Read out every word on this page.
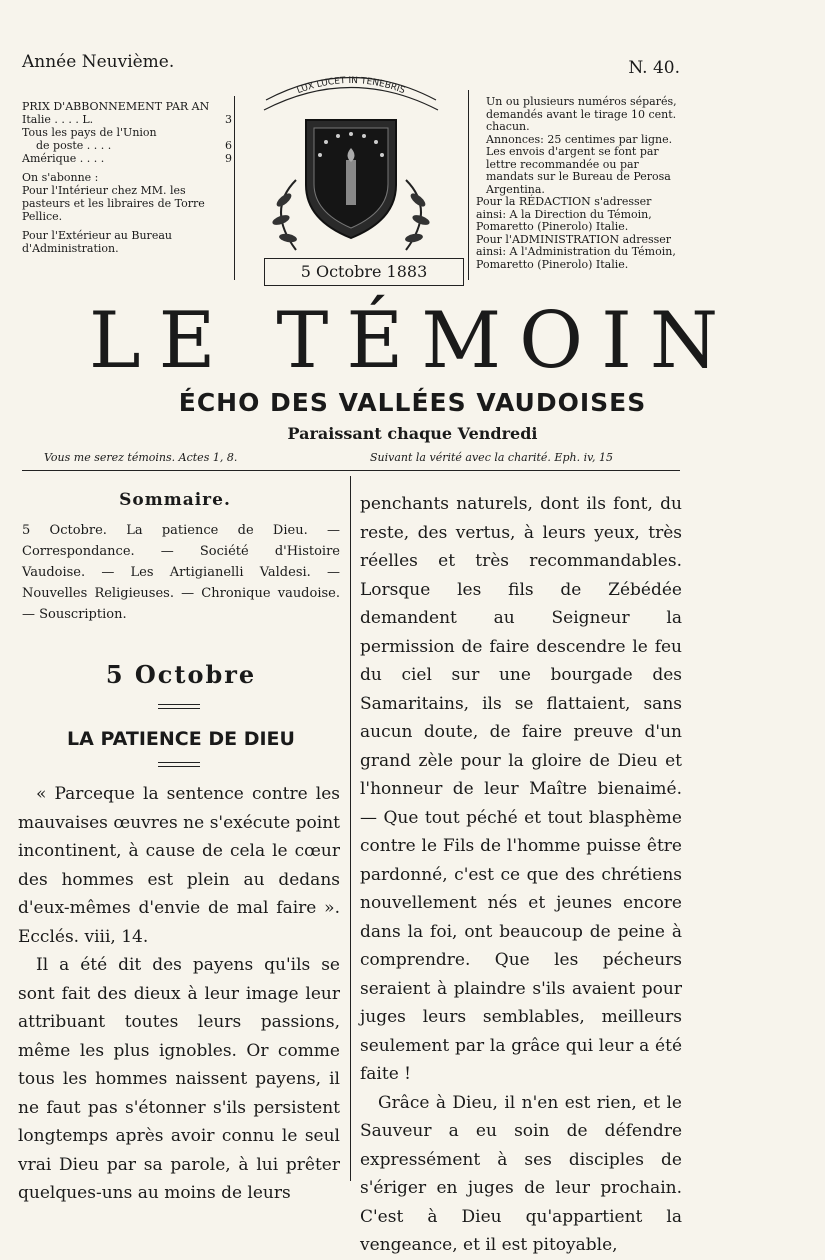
Année Neuvième.	N. 40.
PRIX D'ABBONNEMENT PAR AN
Italie . . . . L.	3
Tous les pays de l'Union
de poste . . . .	6
Amérique . . . .	9
On s'abonne :
Pour l'Intérieur chez MM. les pasteurs et les libraires de Torre Pellice.
Pour l'Extérieur au Bureau d'Administration.
LUX LUCET IN TENEBRIS
5 Octobre 1883

Un ou plusieurs numéros séparés, demandés avant le tirage 10 cent. chacun.

Annonces: 25 centimes par ligne.

Les envois d'argent se font par lettre recommandée ou par mandats sur le Bureau de Perosa Argentina.

Pour la RÉDACTION s'adresser ainsi: A la Direction du Témoin, Pomaretto (Pinerolo) Italie.

Pour l'ADMINISTRATION adresser ainsi: A l'Administration du Témoin, Pomaretto (Pinerolo) Italie.

LE TÉMOIN
ÉCHO DES VALLÉES VAUDOISES
Paraissant chaque Vendredi
Vous me serez témoins. Actes 1, 8.	Suivant la vérité avec la charité. Eph. iv, 15
Sommaire.
5 Octobre. La patience de Dieu. — Correspondance. — Société d'Histoire Vaudoise. — Les Artigianelli Valdesi. — Nouvelles Religieuses. — Chronique vaudoise. — Souscription.
5 Octobre
LA PATIENCE DE DIEU

« Parceque la sentence contre les mauvaises œuvres ne s'exécute point incontinent, à cause de cela le cœur des hommes est plein au dedans d'eux-mêmes d'envie de mal faire ». Ecclés. viii, 14.

Il a été dit des payens qu'ils se sont fait des dieux à leur image leur attribuant toutes leurs passions, même les plus ignobles. Or comme tous les hommes naissent payens, il ne faut pas s'étonner s'ils persistent longtemps après avoir connu le seul vrai Dieu par sa parole, à lui prêter quelques-uns au moins de leurs

penchants naturels, dont ils font, du reste, des vertus, à leurs yeux, très réelles et très recommandables. Lorsque les fils de Zébédée demandent au Seigneur la permission de faire descendre le feu du ciel sur une bourgade des Samaritains, ils se flattaient, sans aucun doute, de faire preuve d'un grand zèle pour la gloire de Dieu et l'honneur de leur Maître bienaimé. — Que tout péché et tout blasphème contre le Fils de l'homme puisse être pardonné, c'est ce que des chrétiens nouvellement nés et jeunes encore dans la foi, ont beaucoup de peine à comprendre. Que les pécheurs seraient à plaindre s'ils avaient pour juges leurs semblables, meilleurs seulement par la grâce qui leur a été faite !

Grâce à Dieu, il n'en est rien, et le Sauveur a eu soin de défendre expressément à ses disciples de s'ériger en juges de leur prochain. C'est à Dieu qu'appartient la vengeance, et il est pitoyable,
